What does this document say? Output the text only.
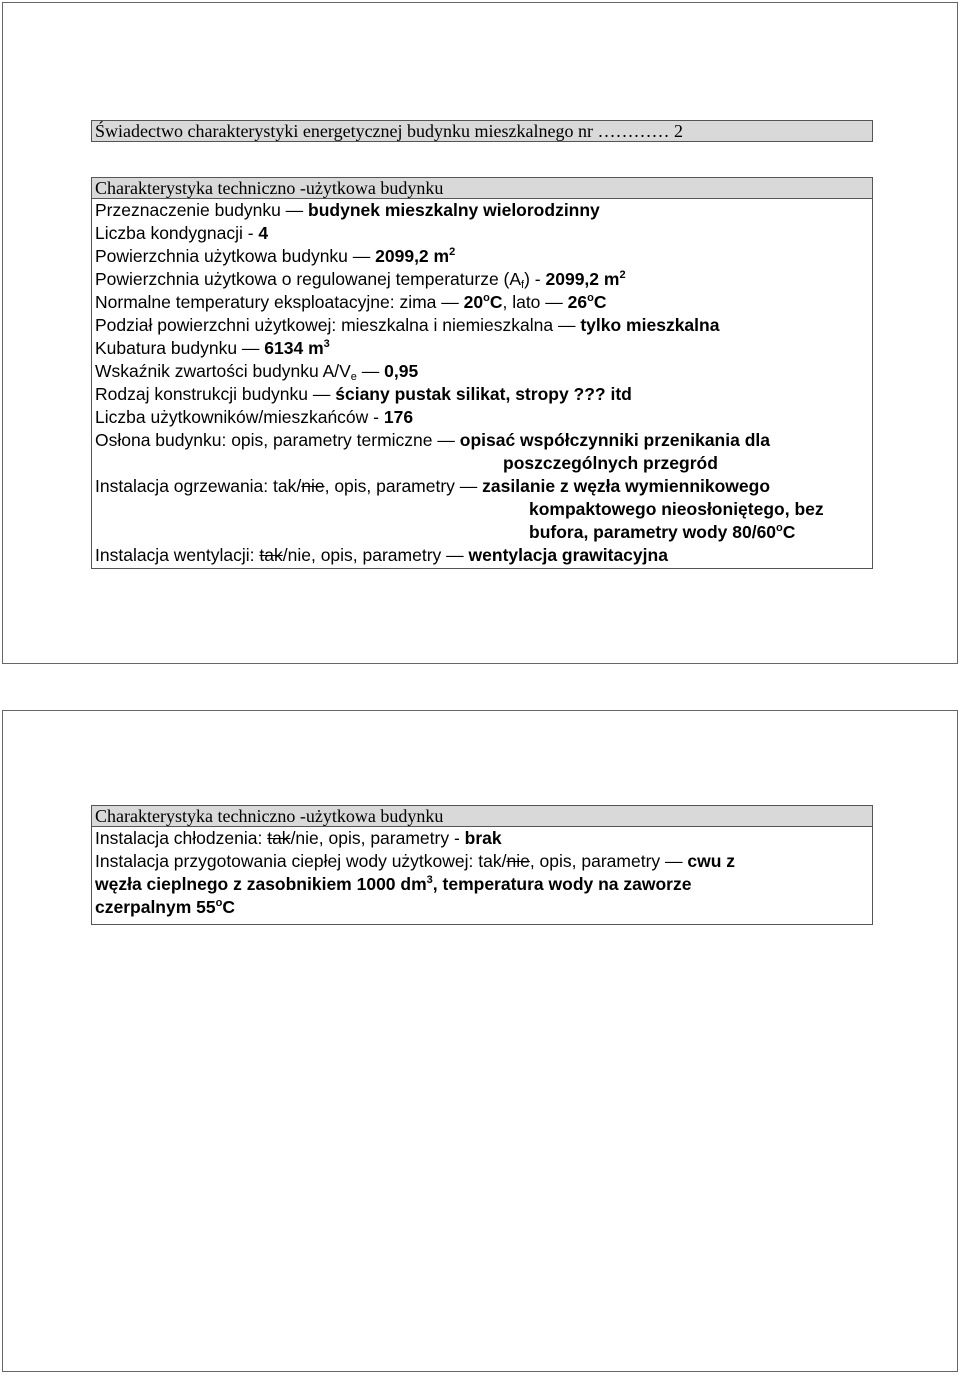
Świadectwo charakterystyki energetycznej budynku mieszkalnego nr ………… 2
Charakterystyka techniczno -użytkowa budynku
Przeznaczenie budynku — budynek mieszkalny wielorodzinny
Liczba kondygnacji - 4
Powierzchnia użytkowa budynku — 2099,2 $m^2$
Powierzchnia użytkowa o regulowanej temperaturze $(A_f) - 2099,2$ $m^2$
Normalne temperatury eksploatacyjne: zima — 20$^o$C, lato — 26$^o$C
Podział powierzchni użytkowej: mieszkalna i niemieszkalna — tylko mieszkalna
Kubatura budynku — 6134 $m^3$
Wskaźnik zwartości budynku $A/V_e$ — 0,95
Rodzaj konstrukcji budynku — ściany pustak silikat, stropy ??? itd
Liczba użytkowników/mieszkańców - 176
Osłona budynku: opis, parametry termiczne — opisać współczynniki przenikania dla
poszczególnych przegród
Instalacja ogrzewania: tak/nie, opis, parametry — zasilanie z węzła wymiennikowego
kompaktowego nieosłoniętego, bez
bufora, parametry wody 80/60$^o$C
Instalacja wentylacji: tak/nie, opis, parametry — wentylacja grawitacyjna
Charakterystyka techniczno -użytkowa budynku
Instalacja chłodzenia: tak/nie, opis, parametry - brak
Instalacja przygotowania ciepłej wody użytkowej: tak/nie, opis, parametry — cwu z
węzła cieplnego z zasobnikiem 1000 $dm^3$, temperatura wody na zaworze
czerpalnym 55$^o$C
